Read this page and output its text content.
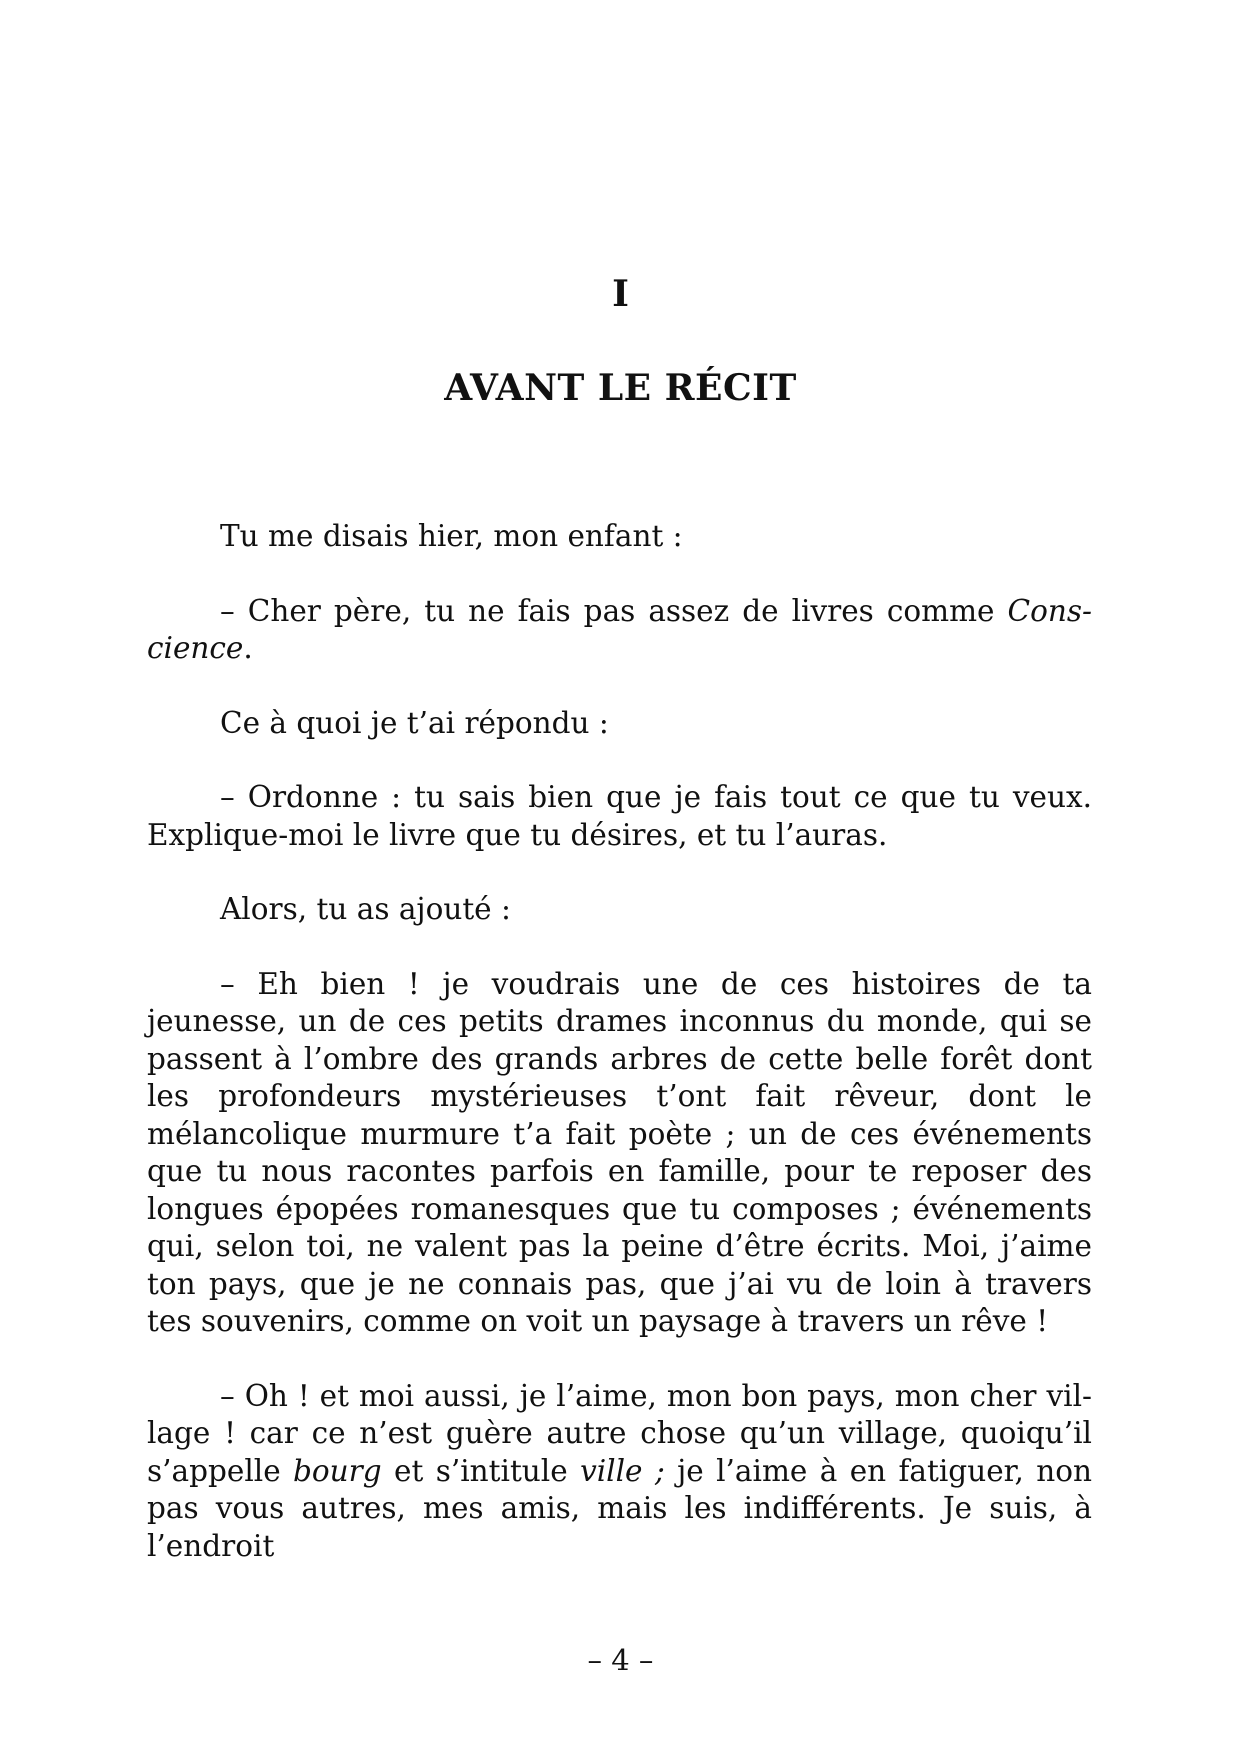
I
AVANT LE RÉCIT

Tu me disais hier, mon enfant :

– Cher père, tu ne fais pas assez de livres comme Conscience.

Ce à quoi je t’ai répondu :

– Ordonne : tu sais bien que je fais tout ce que tu veux. Explique-moi le livre que tu désires, et tu l’auras.

Alors, tu as ajouté :

– Eh bien ! je voudrais une de ces histoires de ta jeunesse, un de ces petits drames inconnus du monde, qui se passent à l’ombre des grands arbres de cette belle forêt dont les profondeurs mystérieuses t’ont fait rêveur, dont le mélancolique murmure t’a fait poète ; un de ces événements que tu nous racontes parfois en famille, pour te reposer des longues épopées romanesques que tu composes ; événements qui, selon toi, ne valent pas la peine d’être écrits. Moi, j’aime ton pays, que je ne connais pas, que j’ai vu de loin à travers tes souvenirs, comme on voit un paysage à travers un rêve !

– Oh ! et moi aussi, je l’aime, mon bon pays, mon cher village ! car ce n’est guère autre chose qu’un village, quoiqu’il s’appelle bourg et s’intitule ville ; je l’aime à en fatiguer, non pas vous autres, mes amis, mais les indifférents. Je suis, à l’endroit

– 4 –
